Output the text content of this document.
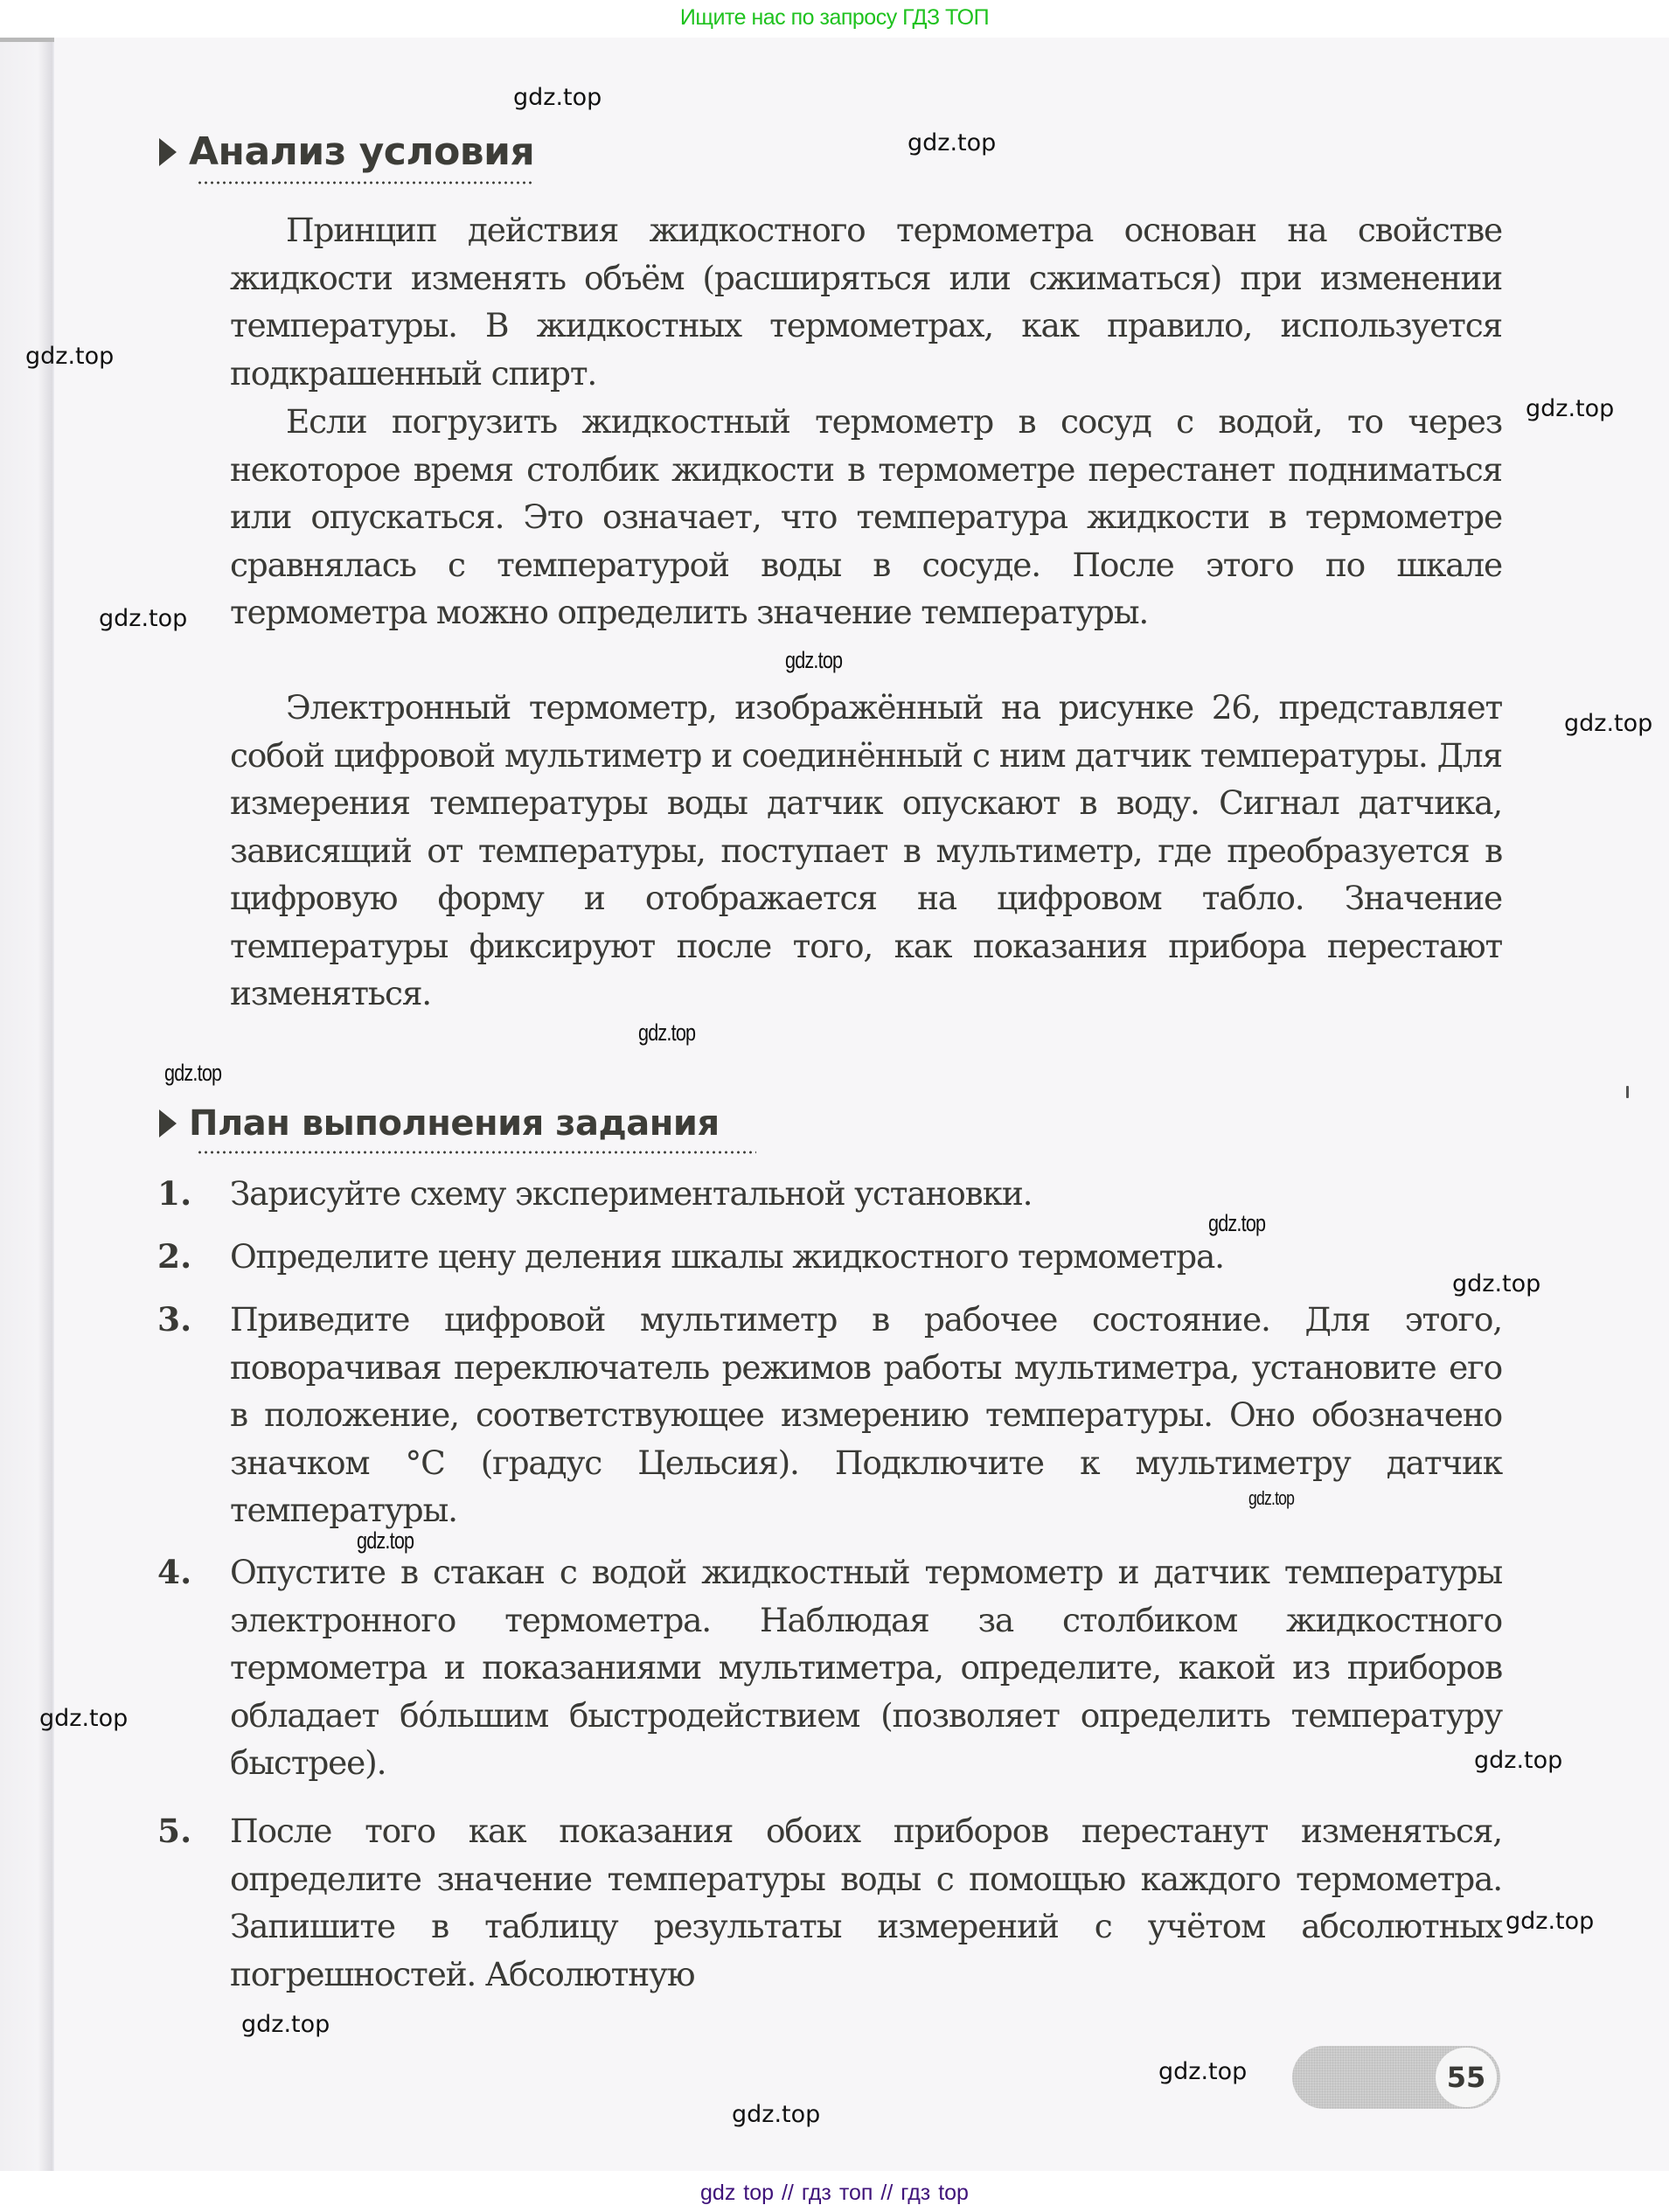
Ищите нас по запросу ГДЗ ТОП
Анализ условия

Принцип действия жидкостного термометра основан на свойстве жидкости изменять объём (расширяться или сжиматься) при изменении температуры. В жидкостных термометрах, как правило, используется подкрашенный спирт.

Если погрузить жидкостный термометр в сосуд с водой, то через некоторое время столбик жидкости в термометре перестанет подниматься или опускаться. Это означает, что температура жидкости в термометре сравнялась с температурой воды в сосуде. После этого по шкале термометра можно определить значение температуры.

Электронный термометр, изображённый на рисунке 26, представляет собой цифровой мультиметр и соединённый с ним датчик температуры. Для измерения температуры воды датчик опускают в воду. Сигнал датчика, зависящий от температуры, поступает в мультиметр, где преобразуется в цифровую форму и отображается на цифровом табло. Значение температуры фиксируют после того, как показания прибора перестают изменяться.

План выполнения задания
1.	Зарисуйте схему экспериментальной установки.
2.	Определите цену деления шкалы жидкостного термометра.
3.	Приведите цифровой мультиметр в рабочее состояние. Для этого, поворачивая переключатель режимов работы мультиметра, установите его в положение, соответствующее измерению температуры. Оно обозначено значком °C (градус Цельсия). Подключите к мультиметру датчик температуры.
4.	Опустите в стакан с водой жидкостный термометр и датчик температуры электронного термометра. Наблюдая за столбиком жидкостного термометра и показаниями мультиметра, определите, какой из приборов обладает бóльшим быстродействием (позволяет определить температуру быстрее).
5.	После того как показания обоих приборов перестанут изменяться, определите значение температуры воды с помощью каждого термометра. Запишите в таблицу результаты измерений с учётом абсолютных погрешностей. Абсолютную
55
gdz.top
gdz.top
gdz.top
gdz.top
gdz.top
gdz.top
gdz.top
gdz.top
gdz.top
gdz.top
gdz.top
gdz.top
gdz.top
gdz.top
gdz.top
gdz.top
gdz.top
gdz.top
gdz.top
gdz top // гдз топ // гдз top
